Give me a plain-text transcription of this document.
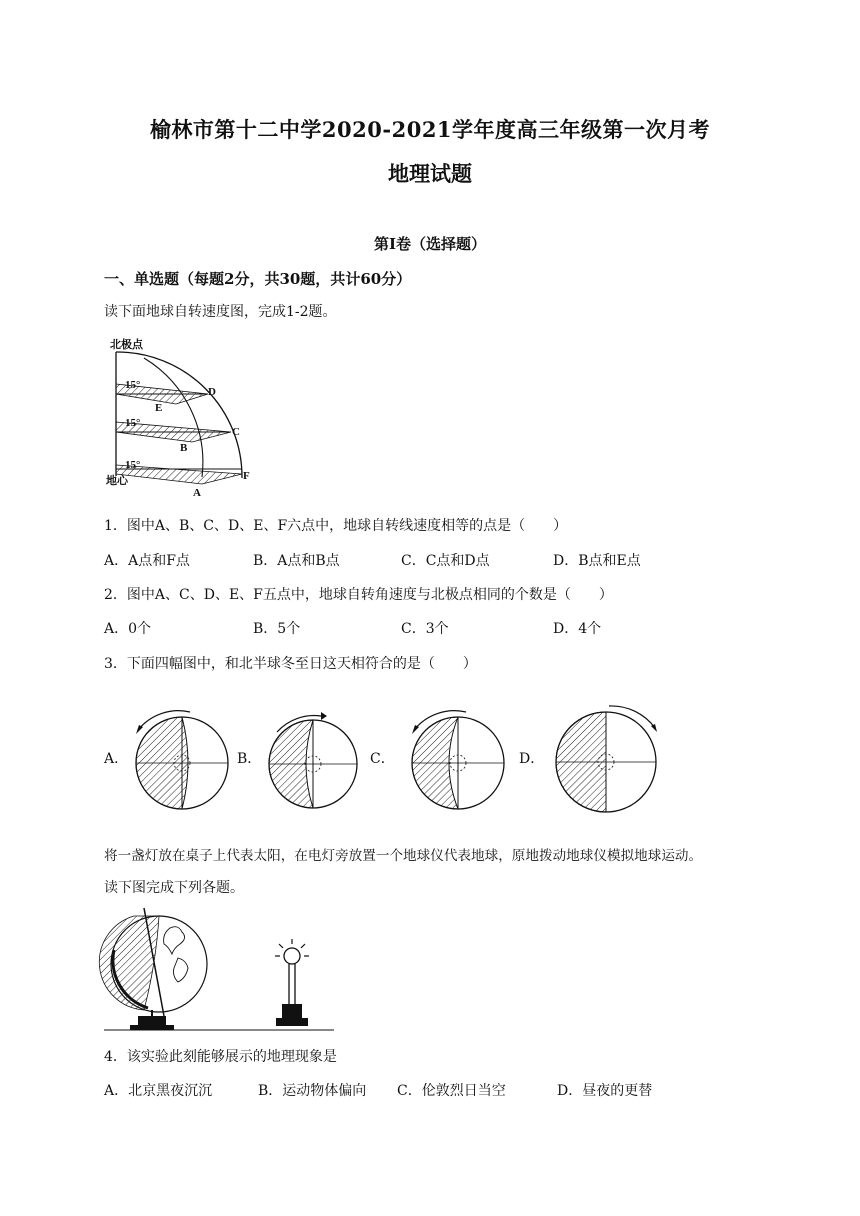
榆林市第十二中学2020-2021学年度高三年级第一次月考
地理试题
第Ⅰ卷（选择题）
一、单选题（每题2分，共30题，共计60分）
读下面地球自转速度图，完成1-2题。
北极点
15°
15°
15°
D
E
C
B
F
A
地心
1．图中A、B、C、D、E、F六点中，地球自转线速度相等的点是（　　）
A．A点和F点	B．A点和B点	C．C点和D点	D．B点和E点
2．图中A、C、D、E、F五点中，地球自转角速度与北极点相同的个数是（　　）
A．0个	B．5个	C．3个	D．4个
3．下面四幅图中，和北半球冬至日这天相符合的是（　　）
A．	B．	C．	D．
将一盏灯放在桌子上代表太阳，在电灯旁放置一个地球仪代表地球，原地拨动地球仪模拟地球运动。
读下图完成下列各题。
4．该实验此刻能够展示的地理现象是
A．北京黑夜沉沉	B．运动物体偏向 C．伦敦烈日当空	D．昼夜的更替
